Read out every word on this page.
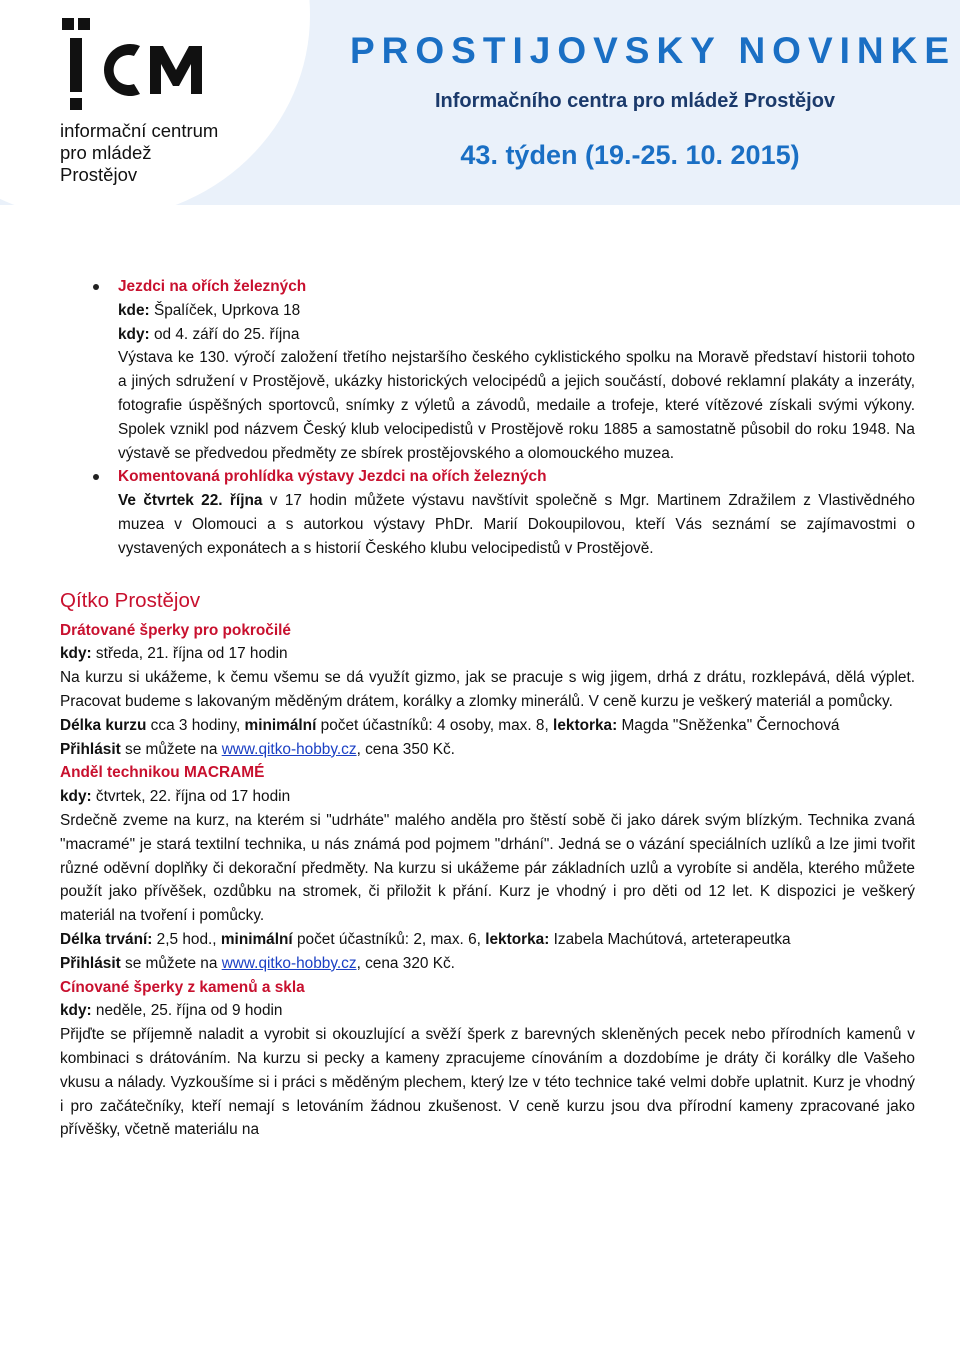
informační centrum
pro mládež
Prostějov
PROSTIJOVSKY NOVINKE
Informačního centra pro mládež Prostějov
43. týden (19.-25. 10. 2015)

Jezdci na ořích železných

kde: Špalíček, Uprkova 18

kdy: od 4. září do 25. října

Výstava ke 130. výročí založení třetího nejstaršího českého cyklistického spolku na Moravě představí historii tohoto a jiných sdružení v Prostějově, ukázky historických velocipédů a jejich součástí, dobové reklamní plakáty a inzeráty, fotografie úspěšných sportovců, snímky z výletů a závodů, medaile a trofeje, které vítězové získali svými výkony. Spolek vznikl pod názvem Český klub velocipedistů v Prostějově roku 1885 a samostatně působil do roku 1948. Na výstavě se předvedou předměty ze sbírek prostějovského a olomouckého muzea.

Komentovaná prohlídka výstavy Jezdci na ořích železných

Ve čtvrtek 22. října v 17 hodin můžete výstavu navštívit společně s Mgr. Martinem Zdražilem z Vlastivědného muzea v Olomouci a s autorkou výstavy PhDr. Marií Dokoupilovou, kteří Vás seznámí se zajímavostmi o vystavených exponátech a s historií Českého klubu velocipedistů v Prostějově.

Qítko Prostějov

Drátované šperky pro pokročilé

kdy: středa, 21. října od 17 hodin

Na kurzu si ukážeme, k čemu všemu se dá využít gizmo, jak se pracuje s wig jigem, drhá z drátu, rozklepává, dělá výplet. Pracovat budeme s lakovaným měděným drátem, korálky a zlomky minerálů. V ceně kurzu je veškerý materiál a pomůcky.

Délka kurzu cca 3 hodiny, minimální počet účastníků: 4 osoby, max. 8, lektorka: Magda "Sněženka" Černochová

Přihlásit se můžete na www.qitko-hobby.cz, cena 350 Kč.

Anděl technikou MACRAMÉ

kdy: čtvrtek, 22. října od 17 hodin

Srdečně zveme na kurz, na kterém si "udrháte" malého anděla pro štěstí sobě či jako dárek svým blízkým. Technika zvaná "macramé" je stará textilní technika, u nás známá pod pojmem "drhání". Jedná se o vázání speciálních uzlíků a lze jimi tvořit různé oděvní doplňky či dekorační předměty. Na kurzu si ukážeme pár základních uzlů a vyrobíte si anděla, kterého můžete použít jako přívěšek, ozdůbku na stromek, či přiložit k přání. Kurz je vhodný i pro děti od 12 let. K dispozici je veškerý materiál na tvoření i pomůcky.

Délka trvání: 2,5 hod., minimální počet účastníků: 2, max. 6, lektorka: Izabela Machútová, arteterapeutka

Přihlásit se můžete na www.qitko-hobby.cz, cena 320 Kč.

Cínované šperky z kamenů a skla

kdy: neděle, 25. října od 9 hodin

Přijďte se příjemně naladit a vyrobit si okouzlující a svěží šperk z barevných skleněných pecek nebo přírodních kamenů v kombinaci s drátováním. Na kurzu si pecky a kameny zpracujeme cínováním a dozdobíme je dráty či korálky dle Vašeho vkusu a nálady. Vyzkoušíme si i práci s měděným plechem, který lze v této technice také velmi dobře uplatnit. Kurz je vhodný i pro začátečníky, kteří nemají s letováním žádnou zkušenost. V ceně kurzu jsou dva přírodní kameny zpracované jako přívěšky, včetně materiálu na
